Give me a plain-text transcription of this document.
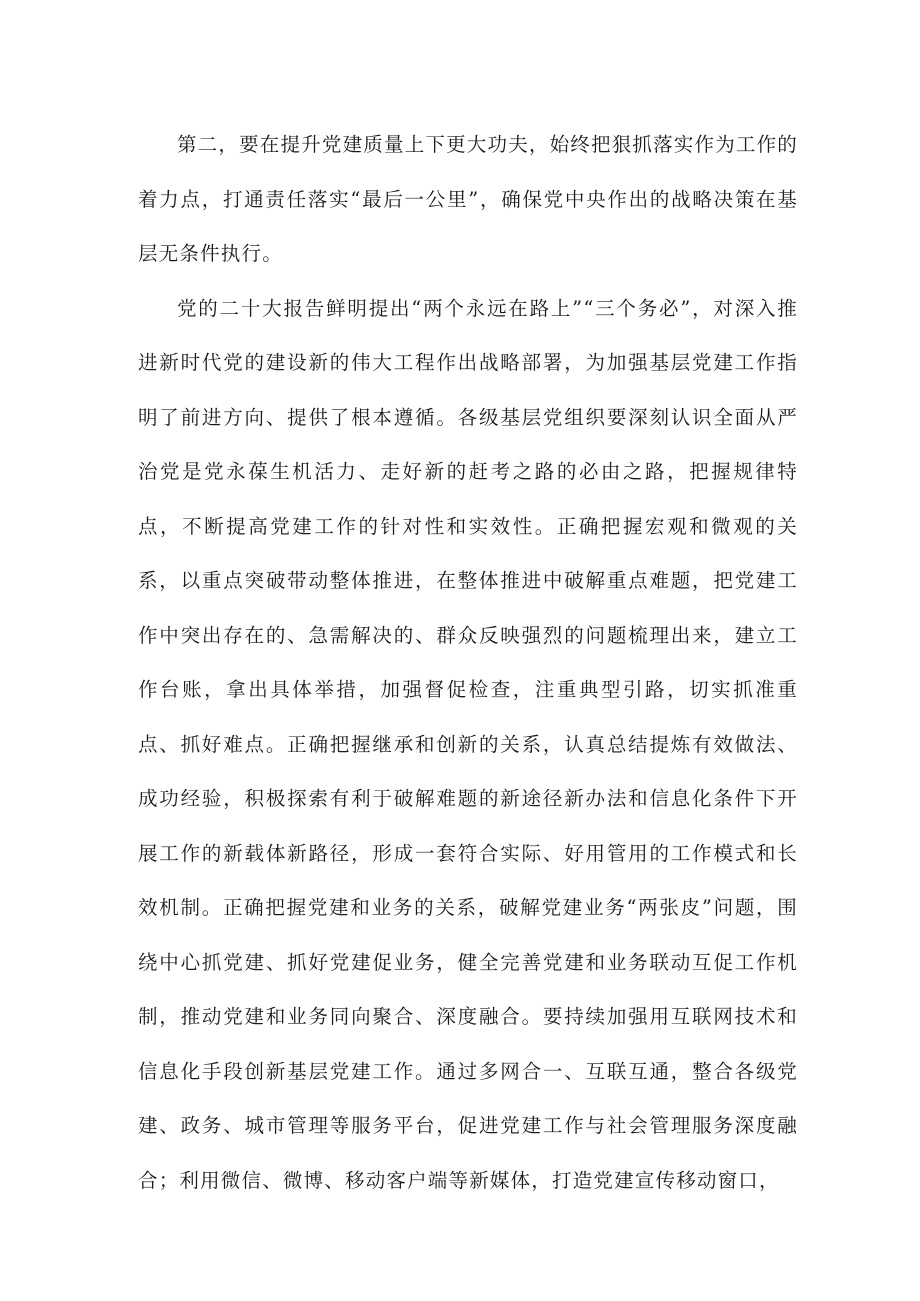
第二，要在提升党建质量上下更大功夫，始终把狠抓落实作为工作的着力点，打通责任落实“最后一公里”，确保党中央作出的战略决策在基层无条件执行。

党的二十大报告鲜明提出“两个永远在路上”“三个务必”，对深入推进新时代党的建设新的伟大工程作出战略部署，为加强基层党建工作指明了前进方向、提供了根本遵循。各级基层党组织要深刻认识全面从严治党是党永葆生机活力、走好新的赶考之路的必由之路，把握规律特点，不断提高党建工作的针对性和实效性。正确把握宏观和微观的关系，以重点突破带动整体推进，在整体推进中破解重点难题，把党建工作中突出存在的、急需解决的、群众反映强烈的问题梳理出来，建立工作台账，拿出具体举措，加强督促检查，注重典型引路，切实抓准重点、抓好难点。正确把握继承和创新的关系，认真总结提炼有效做法、成功经验，积极探索有利于破解难题的新途径新办法和信息化条件下开展工作的新载体新路径，形成一套符合实际、好用管用的工作模式和长效机制。正确把握党建和业务的关系，破解党建业务“两张皮”问题，围绕中心抓党建、抓好党建促业务，健全完善党建和业务联动互促工作机制，推动党建和业务同向聚合、深度融合。要持续加强用互联网技术和信息化手段创新基层党建工作。通过多网合一、互联互通，整合各级党建、政务、城市管理等服务平台，促进党建工作与社会管理服务深度融合；利用微信、微博、移动客户端等新媒体，打造党建宣传移动窗口，
